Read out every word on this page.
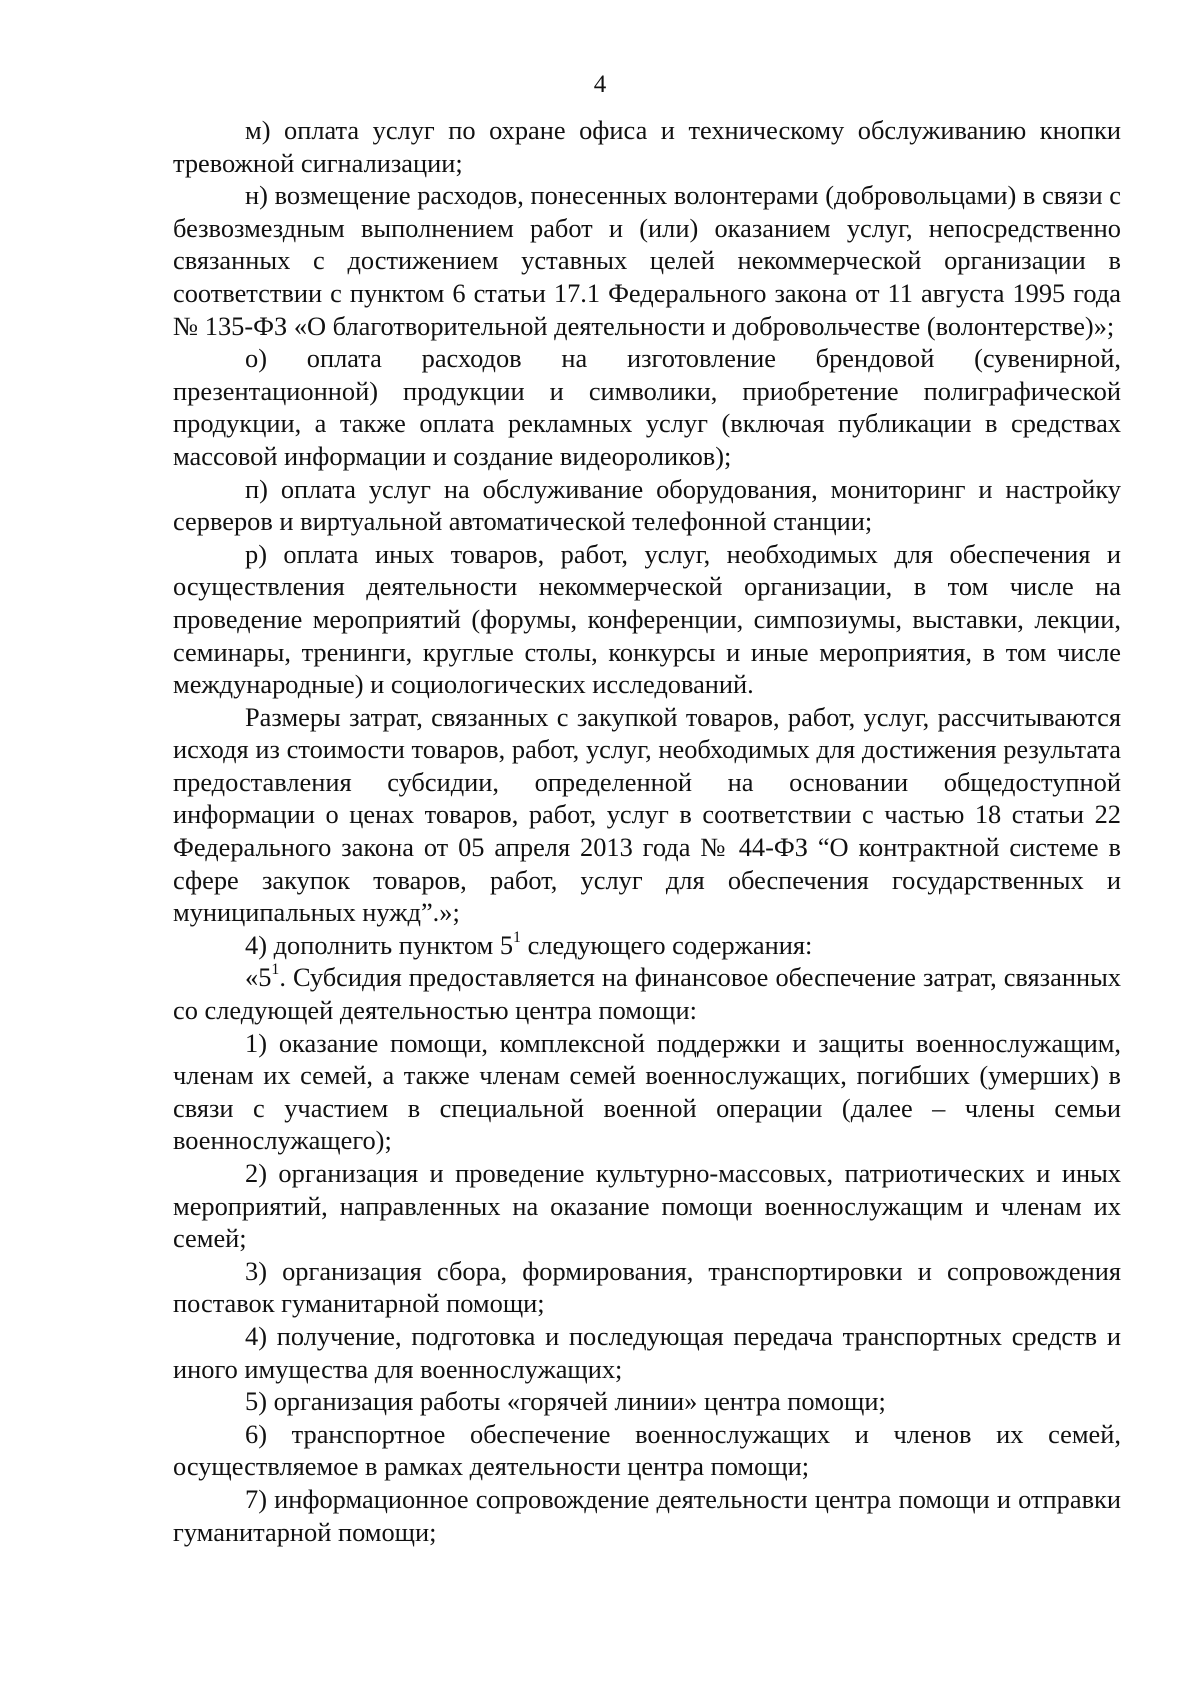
4

м) оплата услуг по охране офиса и техническому обслуживанию кнопки тревожной сигнализации;

н) возмещение расходов, понесенных волонтерами (добровольцами) в связи с безвозмездным выполнением работ и (или) оказанием услуг, непосредственно связанных с достижением уставных целей некоммерческой организации в соответствии с пунктом 6 статьи 17.1 Федерального закона от 11 августа 1995 года № 135-ФЗ «О благотворительной деятельности и добровольчестве (волонтерстве)»;

о) оплата расходов на изготовление брендовой (сувенирной, презентационной) продукции и символики, приобретение полиграфической продукции, а также оплата рекламных услуг (включая публикации в средствах массовой информации и создание видеороликов);

п) оплата услуг на обслуживание оборудования, мониторинг и настройку серверов и виртуальной автоматической телефонной станции;

р) оплата иных товаров, работ, услуг, необходимых для обеспечения и осуществления деятельности некоммерческой организации, в том числе на проведение мероприятий (форумы, конференции, симпозиумы, выставки, лекции, семинары, тренинги, круглые столы, конкурсы и иные мероприятия, в том числе международные) и социологических исследований.

Размеры затрат, связанных с закупкой товаров, работ, услуг, рассчитываются исходя из стоимости товаров, работ, услуг, необходимых для достижения результата предоставления субсидии, определенной на основании общедоступной информации о ценах товаров, работ, услуг в соответствии с частью 18 статьи 22 Федерального закона от 05 апреля 2013 года № 44-ФЗ “О контрактной системе в сфере закупок товаров, работ, услуг для обеспечения государственных и муниципальных нужд”.»;

4) дополнить пунктом $5^1$ следующего содержания:

«$5^1$. Субсидия предоставляется на финансовое обеспечение затрат, связанных со следующей деятельностью центра помощи:

1) оказание помощи, комплексной поддержки и защиты военнослужащим, членам их семей, а также членам семей военнослужащих, погибших (умерших) в связи с участием в специальной военной операции (далее – члены семьи военнослужащего);

2) организация и проведение культурно-массовых, патриотических и иных мероприятий, направленных на оказание помощи военнослужащим и членам их семей;

3) организация сбора, формирования, транспортировки и сопровождения поставок гуманитарной помощи;

4) получение, подготовка и последующая передача транспортных средств и иного имущества для военнослужащих;

5) организация работы «горячей линии» центра помощи;

6) транспортное обеспечение военнослужащих и членов их семей, осуществляемое в рамках деятельности центра помощи;

7) информационное сопровождение деятельности центра помощи и отправки гуманитарной помощи;
